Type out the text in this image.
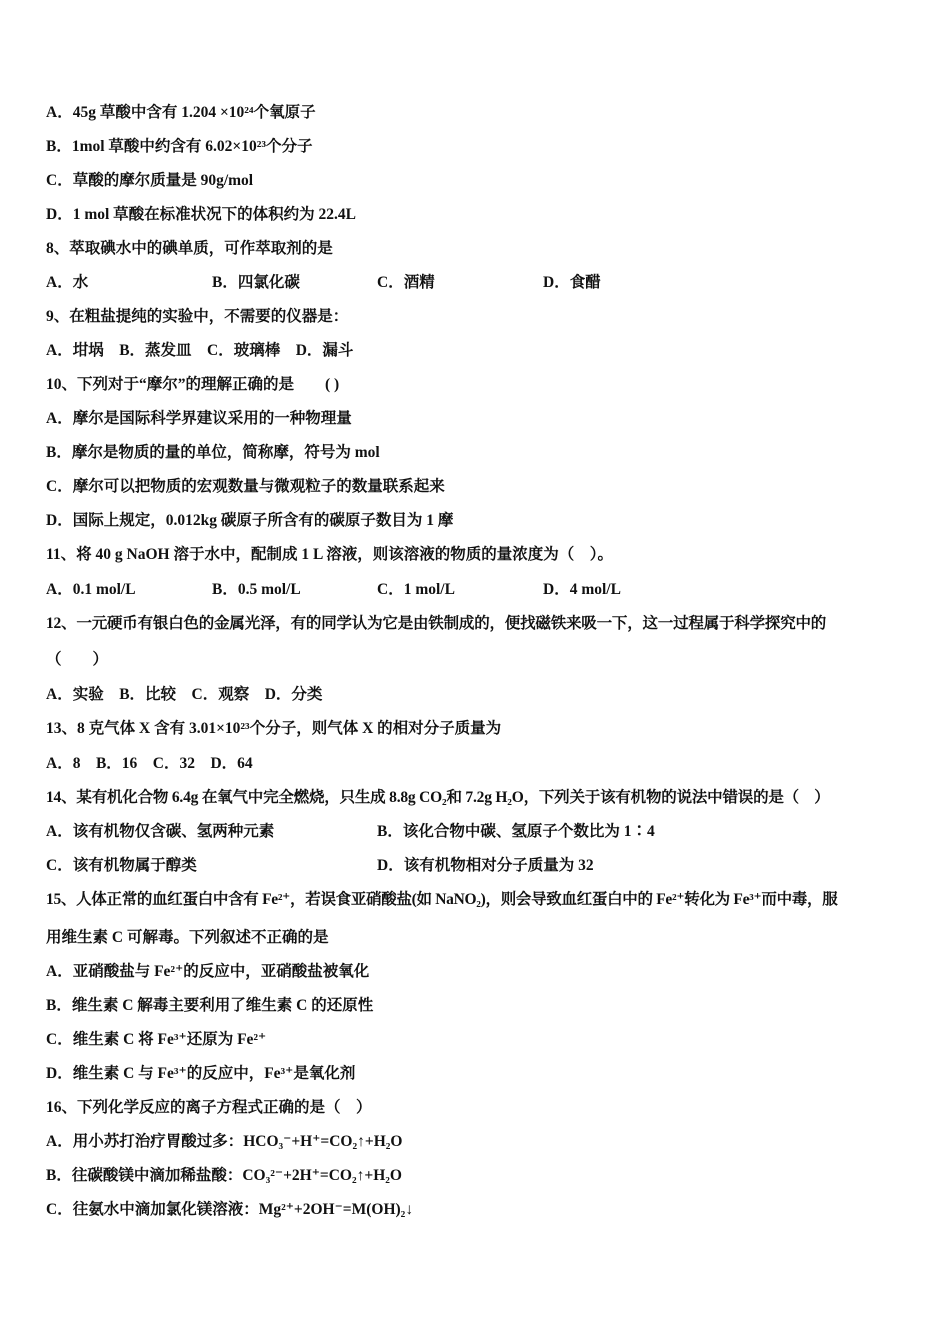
A．45g 草酸中含有 1.204 ×10²⁴个氧原子
B．1mol 草酸中约含有 6.02×10²³个分子
C．草酸的摩尔质量是 90g/mol
D．1 mol 草酸在标准状况下的体积约为 22.4L
8、萃取碘水中的碘单质，可作萃取剂的是
A．水	B．四氯化碳	C．酒精	D．食醋
9、在粗盐提纯的实验中，不需要的仪器是：
A．坩埚　B．蒸发皿　C．玻璃棒　D．漏斗
10、下列对于“摩尔”的理解正确的是　　( )
A．摩尔是国际科学界建议采用的一种物理量
B．摩尔是物质的量的单位，简称摩，符号为 mol
C．摩尔可以把物质的宏观数量与微观粒子的数量联系起来
D．国际上规定，0.012kg 碳原子所含有的碳原子数目为 1 摩
11、将 40 g NaOH 溶于水中，配制成 1 L 溶液，则该溶液的物质的量浓度为（　）。
A．0.1 mol/L	B．0.5 mol/L	C．1 mol/L	D．4 mol/L
12、一元硬币有银白色的金属光泽，有的同学认为它是由铁制成的，便找磁铁来吸一下，这一过程属于科学探究中的
（　　）
A．实验　B．比较　C．观察　D．分类
13、8 克气体 X 含有 3.01×10²³个分子，则气体 X 的相对分子质量为
A．8　B．16　C．32　D．64
14、某有机化合物 6.4g 在氧气中完全燃烧，只生成 8.8g CO₂和 7.2g H₂O，下列关于该有机物的说法中错误的是（　）
A．该有机物仅含碳、氢两种元素	B．该化合物中碳、氢原子个数比为 1∶4
C．该有机物属于醇类	D．该有机物相对分子质量为 32
15、人体正常的血红蛋白中含有 Fe²⁺，若误食亚硝酸盐(如 NaNO₂)，则会导致血红蛋白中的 Fe²⁺转化为 Fe³⁺而中毒，服
用维生素 C 可解毒。下列叙述不正确的是
A．亚硝酸盐与 Fe²⁺的反应中，亚硝酸盐被氧化
B．维生素 C 解毒主要利用了维生素 C 的还原性
C．维生素 C 将 Fe³⁺还原为 Fe²⁺
D．维生素 C 与 Fe³⁺的反应中，Fe³⁺是氧化剂
16、下列化学反应的离子方程式正确的是（　）
A．用小苏打治疗胃酸过多：HCO₃⁻+H⁺=CO₂↑+H₂O
B．往碳酸镁中滴加稀盐酸：CO₃²⁻+2H⁺=CO₂↑+H₂O
C．往氨水中滴加氯化镁溶液：Mg²⁺+2OH⁻=M(OH)₂↓
